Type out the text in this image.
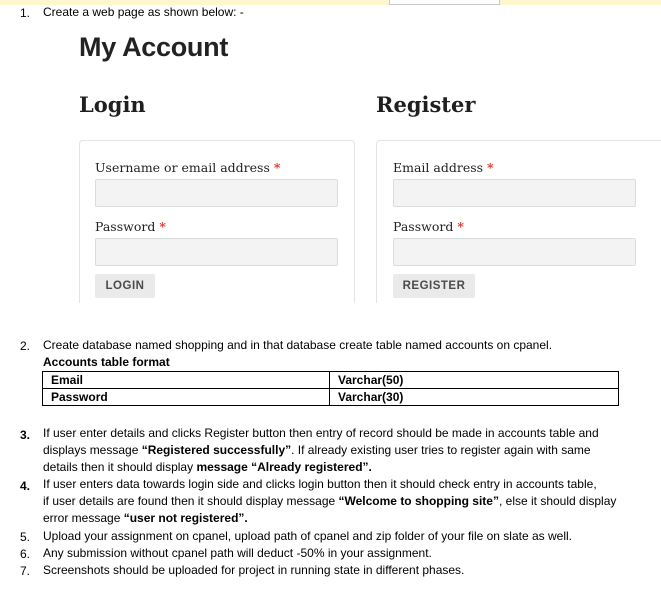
1. Create a web page as shown below: -
My Account
Login	Register
Username or email address *
Password *
LOGIN
Email address *
Password *
REGISTER
2. Create database named shopping and in that database create table named accounts on cpanel.
Accounts table format
Email	Varchar(50)
Password	Varchar(30)
3. If user enter details and clicks Register button then entry of record should be made in accounts table and
displays message “Registered successfully”. If already existing user tries to register again with same
details then it should display message “Already registered”.
4. If user enters data towards login side and clicks login button then it should check entry in accounts table,
if user details are found then it should display message “Welcome to shopping site”, else it should display
error message “user not registered”.
5. Upload your assignment on cpanel, upload path of cpanel and zip folder of your file on slate as well.
6. Any submission without cpanel path will deduct -50% in your assignment.
7. Screenshots should be uploaded for project in running state in different phases.
